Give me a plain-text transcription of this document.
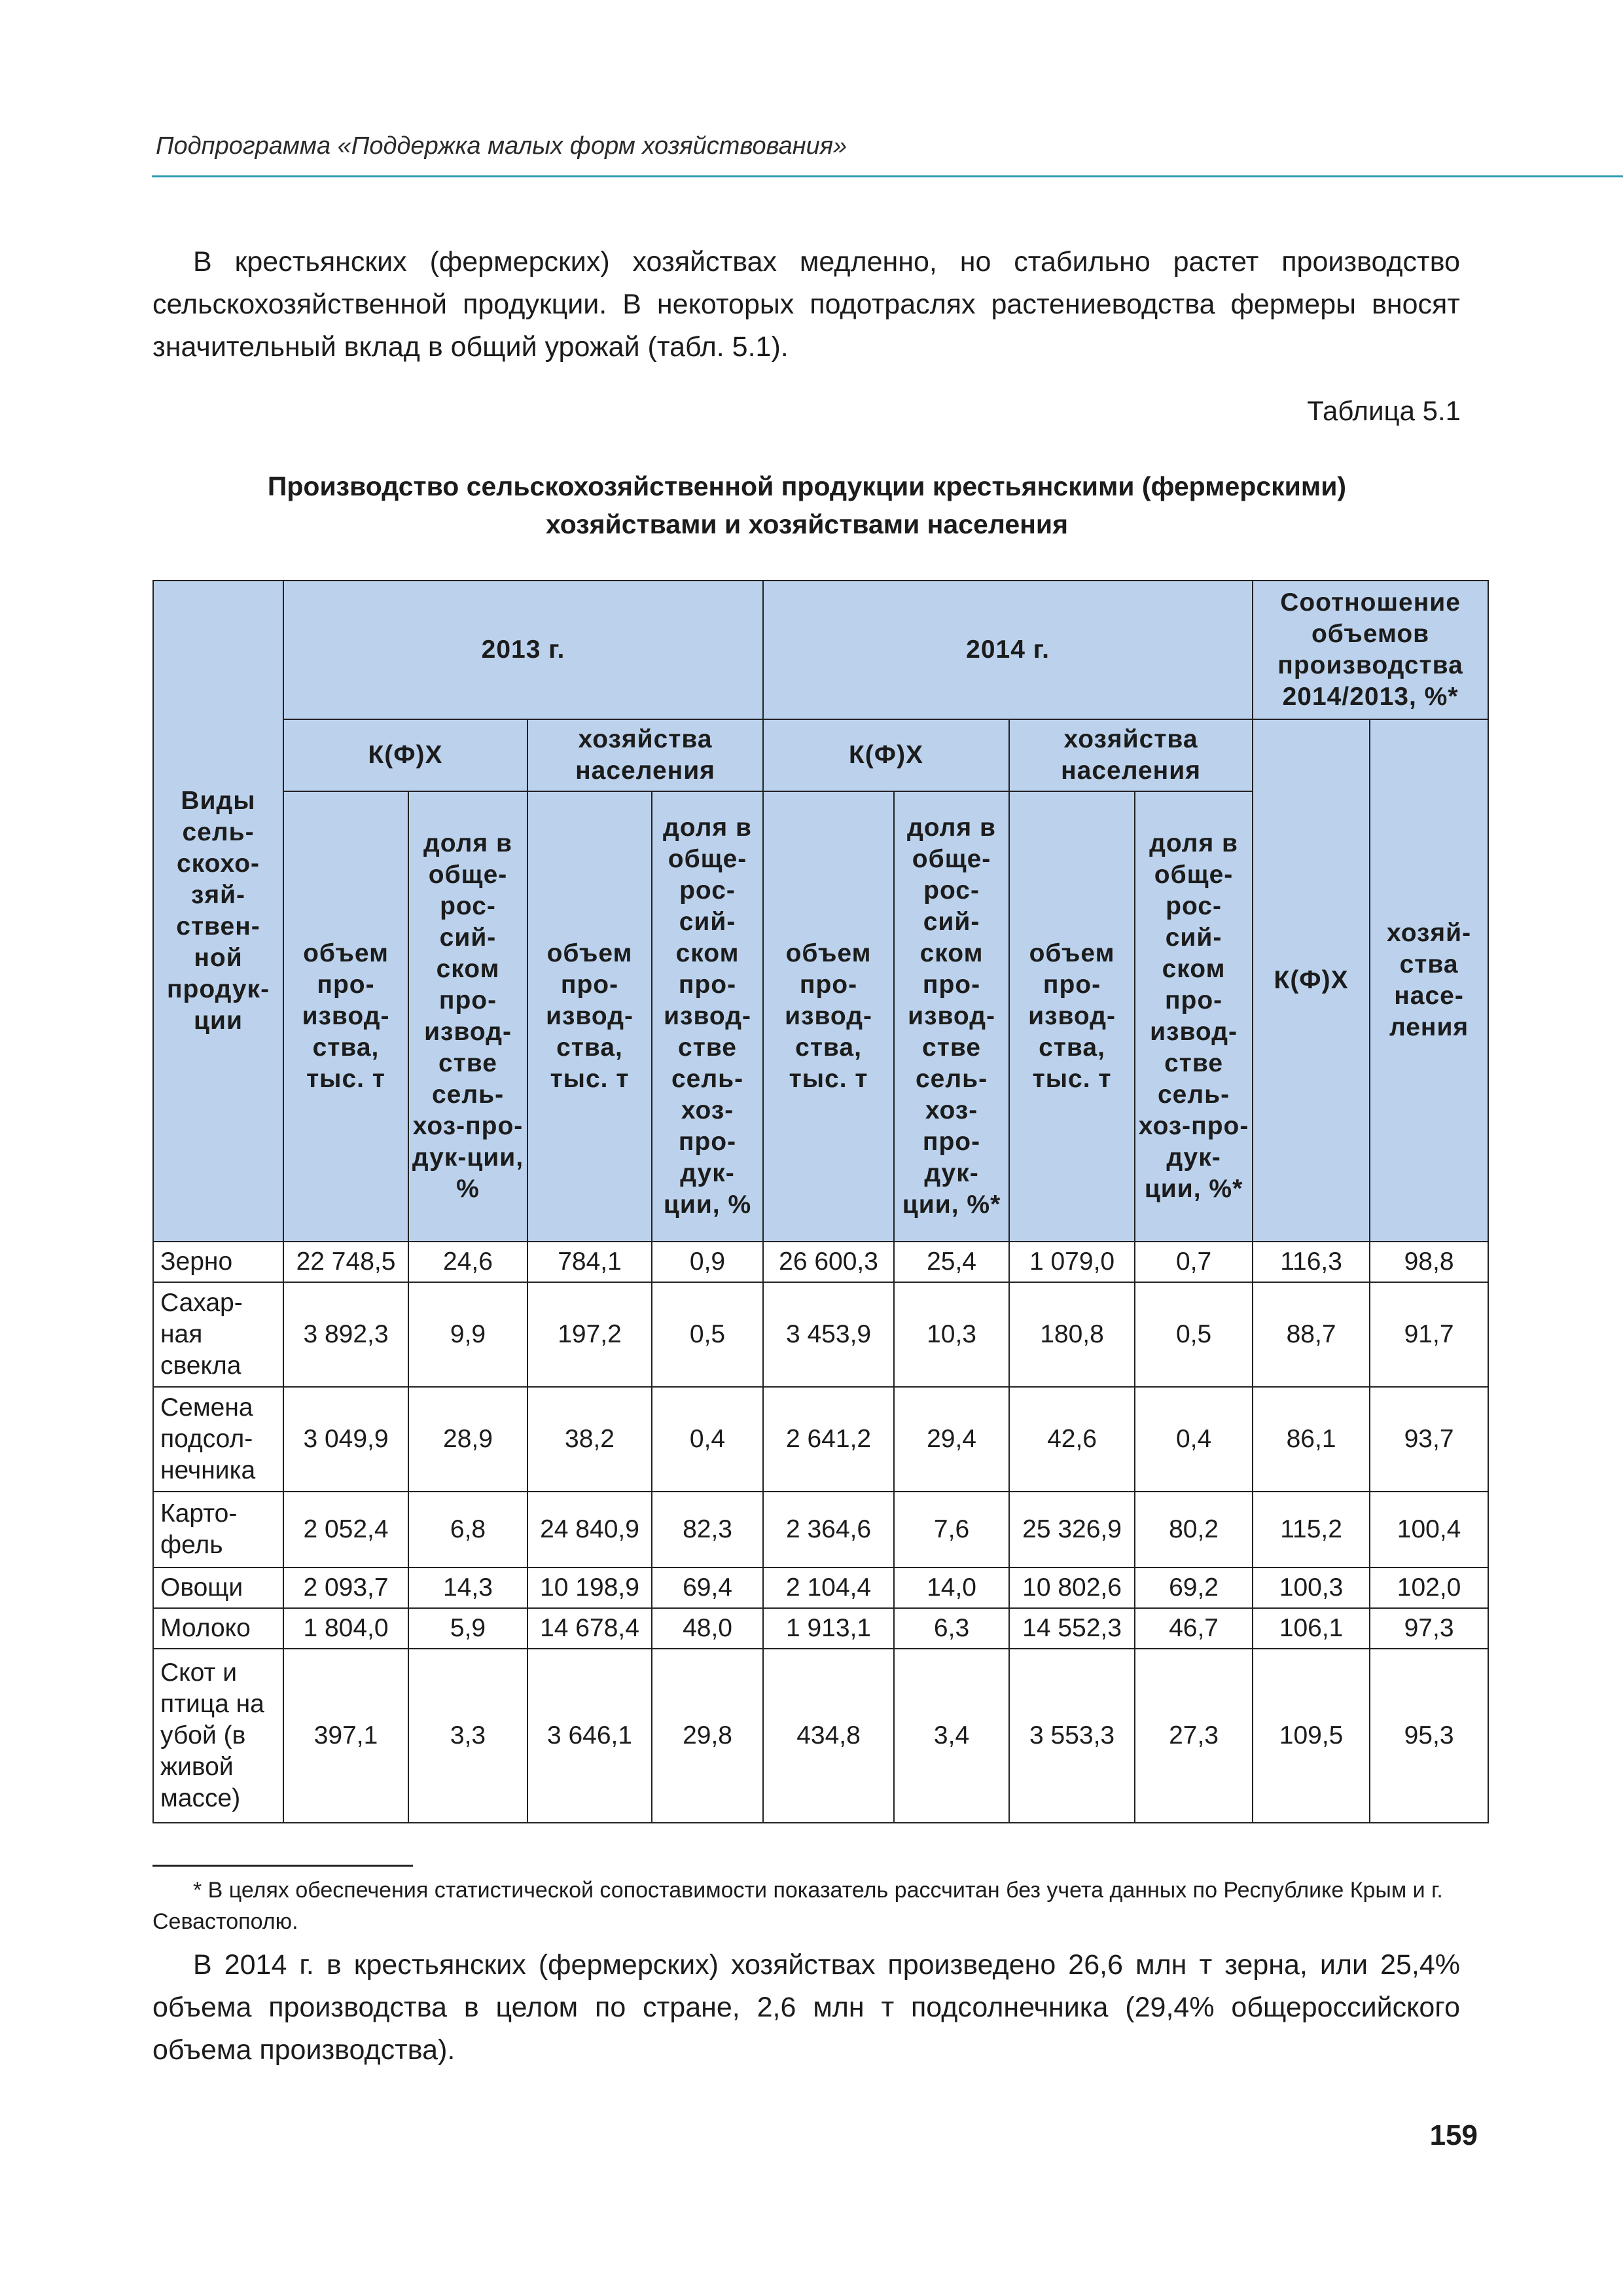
Подпрограмма «Поддержка малых форм хозяйствования»
В крестьянских (фермерских) хозяйствах медленно, но стабильно растет производство сельскохозяйственной продукции. В некоторых подотраслях растениеводства фермеры вносят значительный вклад в общий урожай (табл. 5.1).
Таблица 5.1
Производство сельскохозяйственной продукции крестьянскими (фермерскими)
хозяйствами и хозяйствами населения
Виды сель-скохо-зяй-ствен-ной продук-ции	2013 г.				2014 г.				Соотношение объемов производства 2014/2013, %*	
	К(Ф)Х		хозяйства населения		К(Ф)Х		хозяйства населения		К(Ф)Х	хозяй-ства насе-ления
	объем про-извод-ства, тыс. т	доля в обще-рос-сий-ском про-извод-стве сель-хоз-про-дук-ции, %	объем про-извод-ства, тыс. т	доля в обще-рос-сий-ском про-извод-стве сель-хоз-про-дук-ции, %	объем про-извод-ства, тыс. т	доля в обще-рос-сий-ском про-извод-стве сель-хоз-про-дук-ции, %*	объем про-извод-ства, тыс. т	доля в обще-рос-сий-ском про-извод-стве сель-хоз-про-дук-ции, %*		
Зерно	22 748,5	24,6	784,1	0,9	26 600,3	25,4	1 079,0	0,7	116,3	98,8
Сахар-ная свекла	3 892,3	9,9	197,2	0,5	3 453,9	10,3	180,8	0,5	88,7	91,7
Семена подсол-нечника	3 049,9	28,9	38,2	0,4	2 641,2	29,4	42,6	0,4	86,1	93,7
Карто-фель	2 052,4	6,8	24 840,9	82,3	2 364,6	7,6	25 326,9	80,2	115,2	100,4
Овощи	2 093,7	14,3	10 198,9	69,4	2 104,4	14,0	10 802,6	69,2	100,3	102,0
Молоко	1 804,0	5,9	14 678,4	48,0	1 913,1	6,3	14 552,3	46,7	106,1	97,3
Скот и птица на убой (в живой массе)	397,1	3,3	3 646,1	29,8	434,8	3,4	3 553,3	27,3	109,5	95,3
* В целях обеспечения статистической сопоставимости показатель рассчитан без учета данных по Республике Крым и г. Севастополю.
В 2014 г. в крестьянских (фермерских) хозяйствах произведено 26,6 млн т зерна, или 25,4% объема производства в целом по стране, 2,6 млн т подсолнечника (29,4% общероссийского объема производства).
159
